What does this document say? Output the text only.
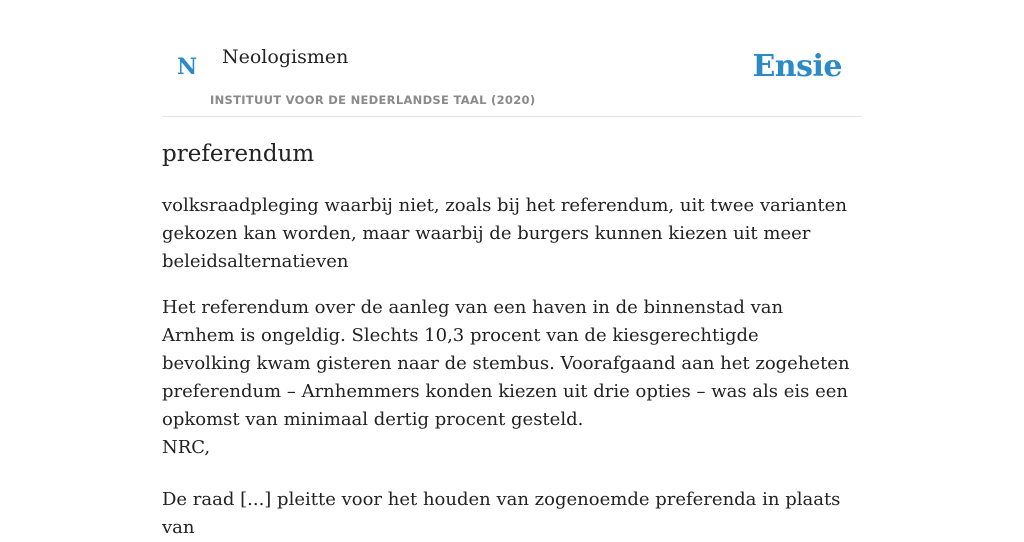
N Neologismen
INSTITUUT VOOR DE NEDERLANDSE TAAL (2020)
Ensie
preferendum

volksraadpleging waarbij niet, zoals bij het referendum, uit twee varianten gekozen kan worden, maar waarbij de burgers kunnen kiezen uit meer beleidsalternatieven

Het referendum over de aanleg van een haven in de binnenstad van Arnhem is ongeldig. Slechts 10,3 procent van de kiesgerechtigde bevolking kwam gisteren naar de stembus. Voorafgaand aan het zogeheten preferendum – Arnhemmers konden kiezen uit drie opties – was als eis een opkomst van minimaal dertig procent gesteld.

NRC,

De raad [...] pleitte voor het houden van zogenoemde preferenda in plaats van
